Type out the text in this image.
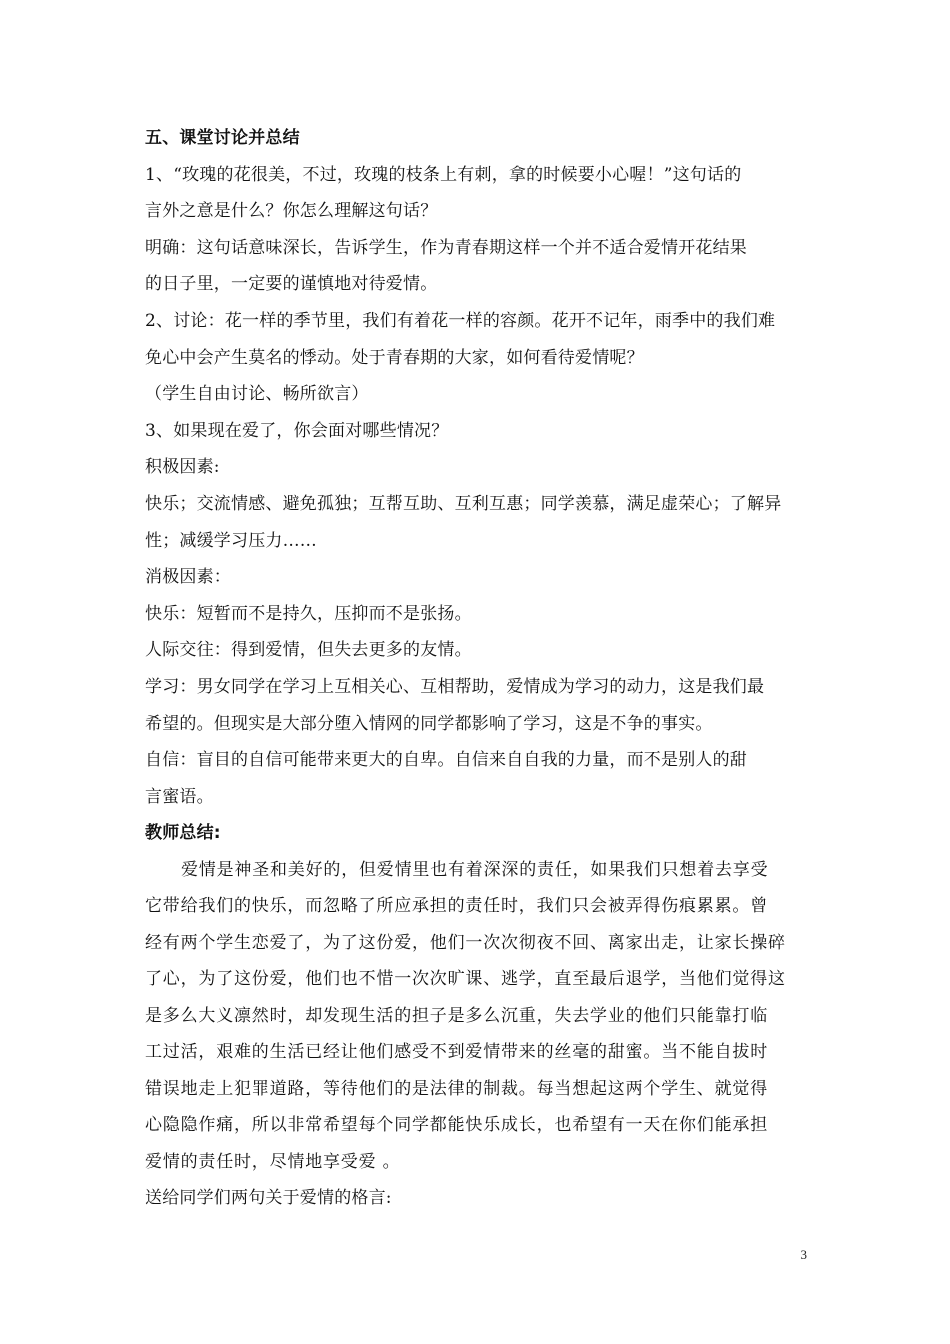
五、课堂讨论并总结
1、“玫瑰的花很美，不过，玫瑰的枝条上有刺，拿的时候要小心喔！”这句话的
言外之意是什么？你怎么理解这句话？
明确：这句话意味深长，告诉学生，作为青春期这样一个并不适合爱情开花结果
的日子里，一定要的谨慎地对待爱情。
2、讨论：花一样的季节里，我们有着花一样的容颜。花开不记年，雨季中的我们难
免心中会产生莫名的悸动。处于青春期的大家，如何看待爱情呢？
（学生自由讨论、畅所欲言）
3、如果现在爱了，你会面对哪些情况？
积极因素:
快乐；交流情感、避免孤独；互帮互助、互利互惠；同学羡慕，满足虚荣心；了解异
性；减缓学习压力……
消极因素：
快乐：短暂而不是持久，压抑而不是张扬。
人际交往：得到爱情，但失去更多的友情。
学习：男女同学在学习上互相关心、互相帮助，爱情成为学习的动力，这是我们最
希望的。但现实是大部分堕入情网的同学都影响了学习，这是不争的事实。
自信：盲目的自信可能带来更大的自卑。自信来自自我的力量，而不是别人的甜
言蜜语。
教师总结:
爱情是神圣和美好的，但爱情里也有着深深的责任，如果我们只想着去享受
它带给我们的快乐，而忽略了所应承担的责任时，我们只会被弄得伤痕累累。曾
经有两个学生恋爱了，为了这份爱，他们一次次彻夜不回、离家出走，让家长操碎
了心，为了这份爱，他们也不惜一次次旷课、逃学，直至最后退学，当他们觉得这
是多么大义凛然时，却发现生活的担子是多么沉重，失去学业的他们只能靠打临
工过活，艰难的生活已经让他们感受不到爱情带来的丝毫的甜蜜。当不能自拔时
错误地走上犯罪道路，等待他们的是法律的制裁。每当想起这两个学生、就觉得
心隐隐作痛，所以非常希望每个同学都能快乐成长，也希望有一天在你们能承担
爱情的责任时，尽情地享受爱 。
送给同学们两句关于爱情的格言:
3
